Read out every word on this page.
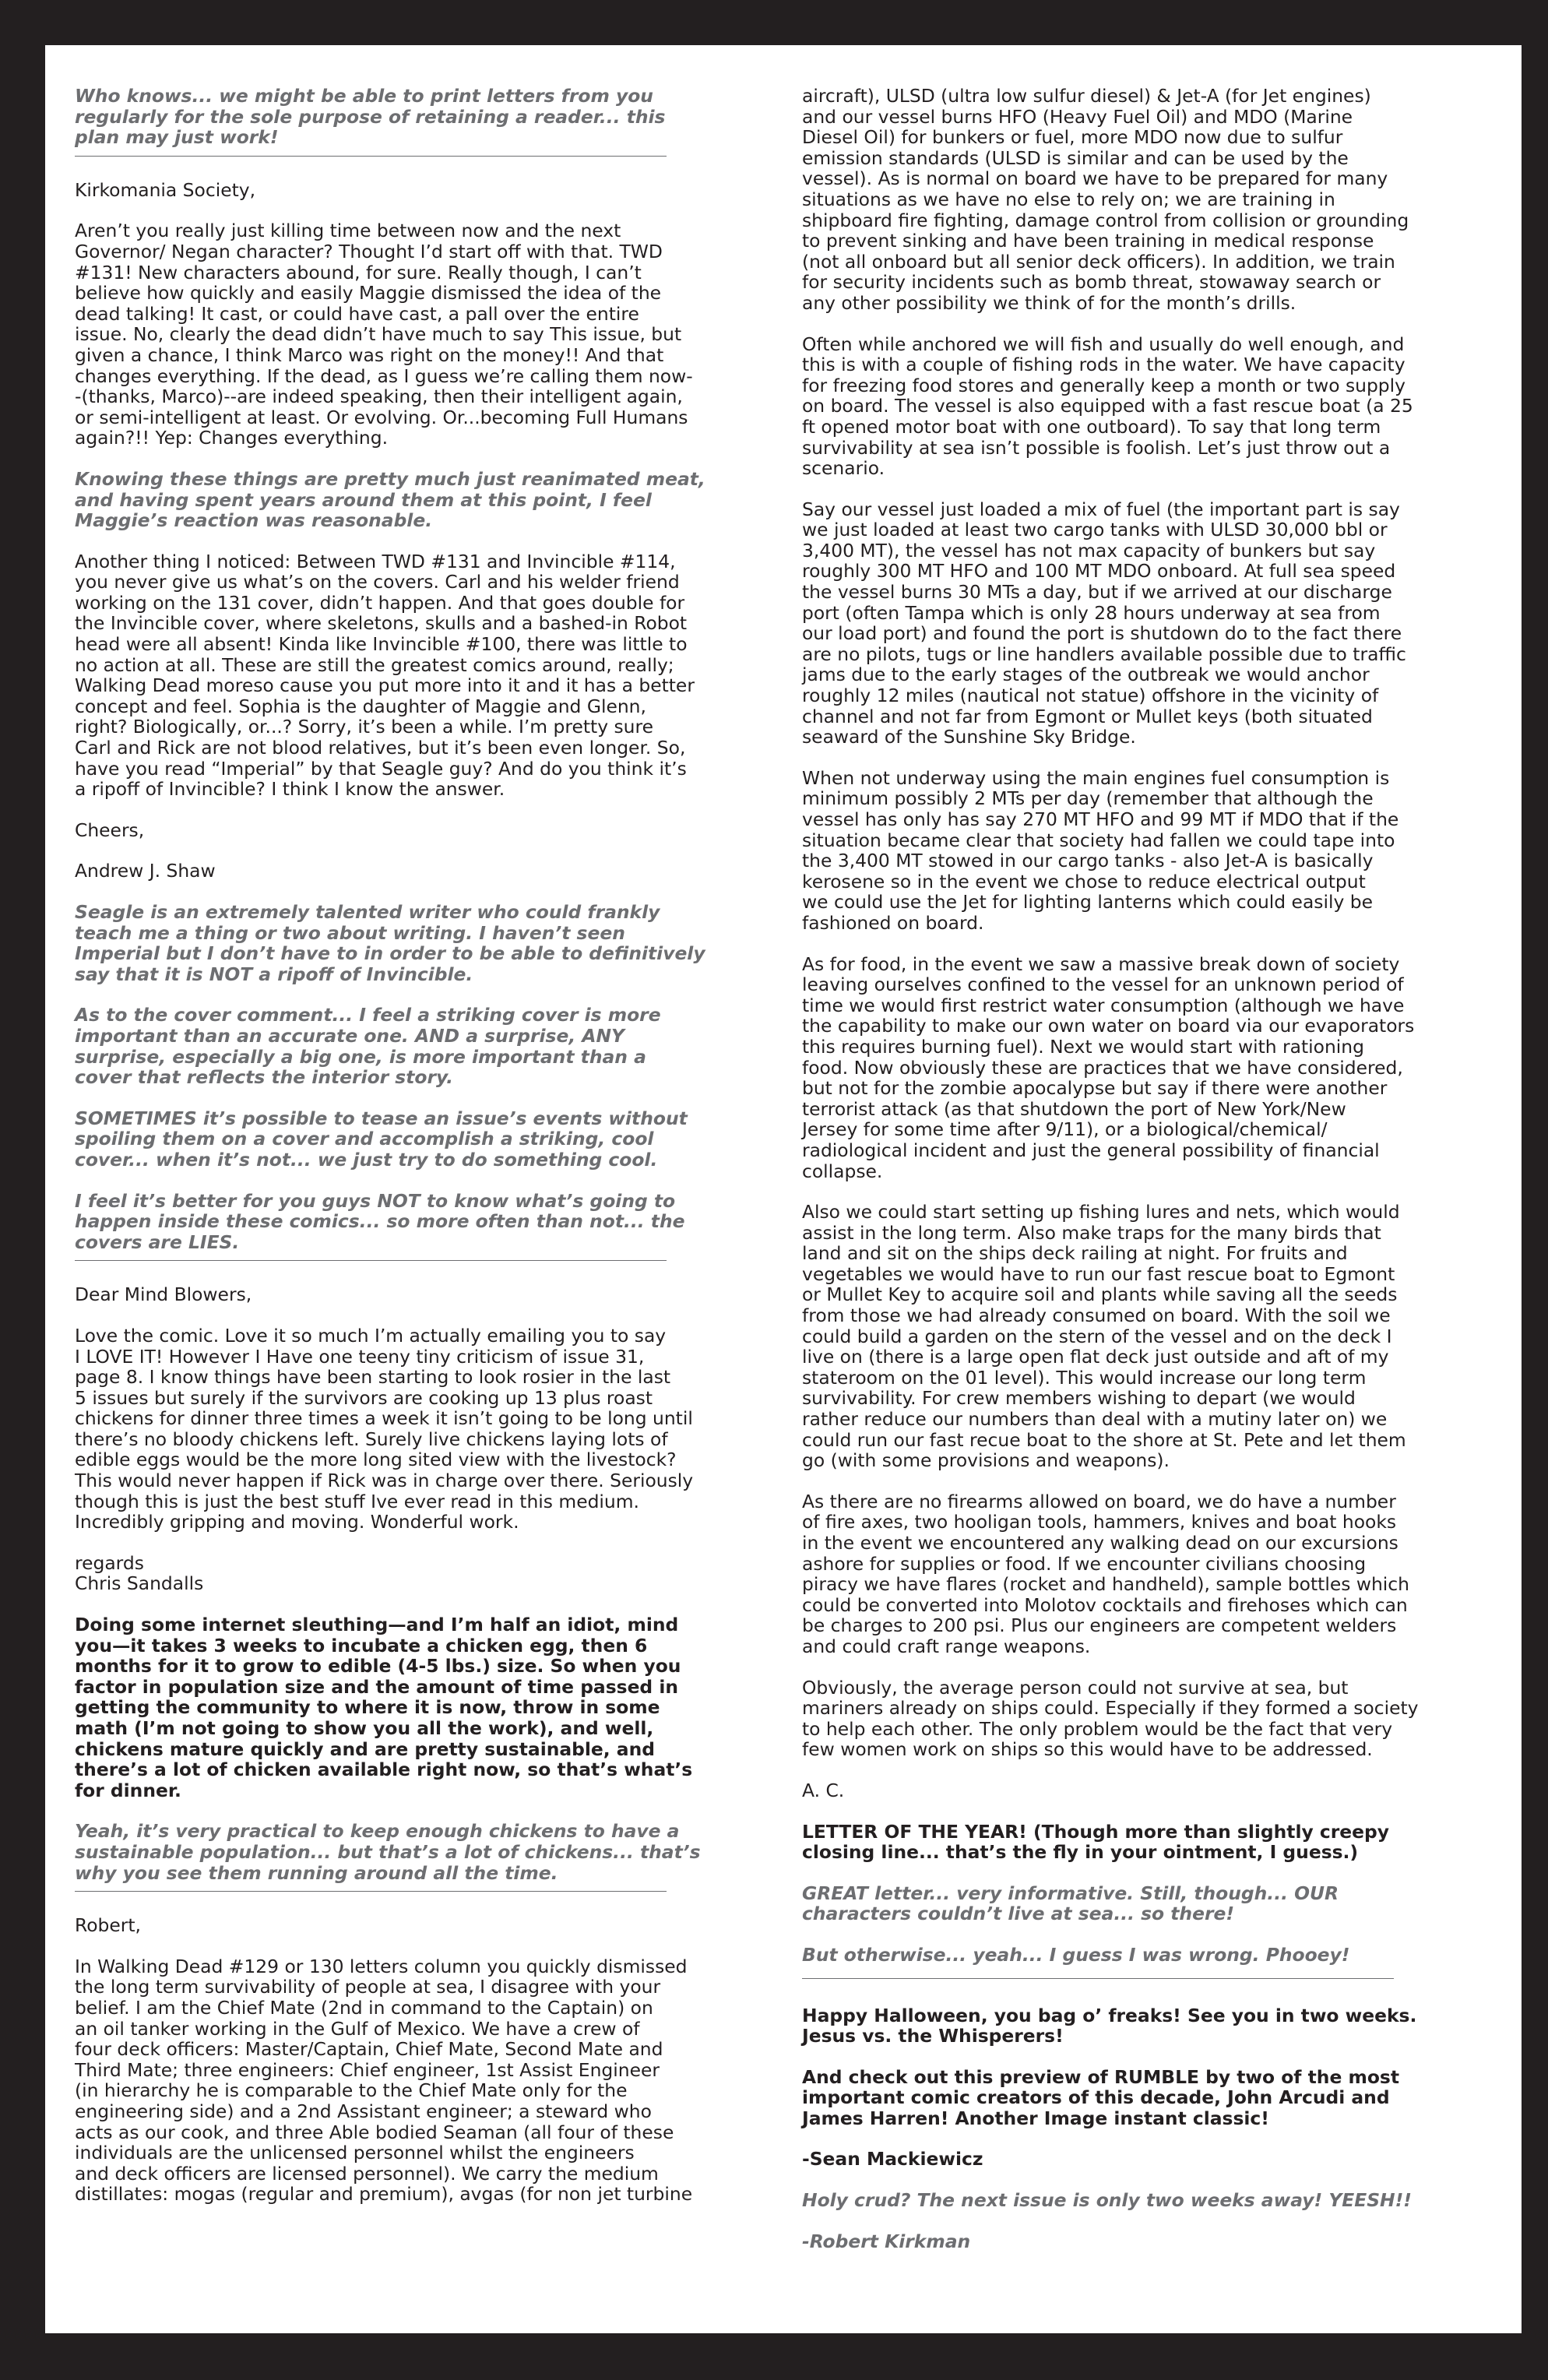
Who knows... we might be able to print letters from you
regularly for the sole purpose of retaining a reader... this
plan may just work!

Kirkomania Society,

Aren’t you really just killing time between now and the next
Governor/ Negan character? Thought I’d start off with that. TWD
#131! New characters abound, for sure. Really though, I can’t
believe how quickly and easily Maggie dismissed the idea of the
dead talking! It cast, or could have cast, a pall over the entire
issue. No, clearly the dead didn’t have much to say This issue, but
given a chance, I think Marco was right on the money!! And that
changes everything. If the dead, as I guess we’re calling them now-
-(thanks, Marco)--are indeed speaking, then their intelligent again,
or semi-intelligent at least. Or evolving. Or...becoming Full Humans
again?!! Yep: Changes everything.

Knowing these things are pretty much just reanimated meat,
and having spent years around them at this point, I feel
Maggie’s reaction was reasonable.

Another thing I noticed: Between TWD #131 and Invincible #114,
you never give us what’s on the covers. Carl and his welder friend
working on the 131 cover, didn’t happen. And that goes double for
the Invincible cover, where skeletons, skulls and a bashed-in Robot
head were all absent! Kinda like Invincible #100, there was little to
no action at all. These are still the greatest comics around, really;
Walking Dead moreso cause you put more into it and it has a better
concept and feel. Sophia is the daughter of Maggie and Glenn,
right? Biologically, or...? Sorry, it’s been a while. I’m pretty sure
Carl and Rick are not blood relatives, but it’s been even longer. So,
have you read “Imperial” by that Seagle guy? And do you think it’s
a ripoff of Invincible? I think I know the answer.

Cheers,

Andrew J. Shaw

Seagle is an extremely talented writer who could frankly
teach me a thing or two about writing. I haven’t seen
Imperial but I don’t have to in order to be able to definitively
say that it is NOT a ripoff of Invincible.

As to the cover comment... I feel a striking cover is more
important than an accurate one. AND a surprise, ANY
surprise, especially a big one, is more important than a
cover that reflects the interior story.

SOMETIMES it’s possible to tease an issue’s events without
spoiling them on a cover and accomplish a striking, cool
cover... when it’s not... we just try to do something cool.

I feel it’s better for you guys NOT to know what’s going to
happen inside these comics... so more often than not... the
covers are LIES.

Dear Mind Blowers,

Love the comic. Love it so much I’m actually emailing you to say
I LOVE IT! However I Have one teeny tiny criticism of issue 31,
page 8. I know things have been starting to look rosier in the last
5 issues but surely if the survivors are cooking up 13 plus roast
chickens for dinner three times a week it isn’t going to be long until
there’s no bloody chickens left. Surely live chickens laying lots of
edible eggs would be the more long sited view with the livestock?
This would never happen if Rick was in charge over there. Seriously
though this is just the best stuff Ive ever read in this medium.
Incredibly gripping and moving. Wonderful work.

regards
Chris Sandalls

Doing some internet sleuthing—and I’m half an idiot, mind
you—it takes 3 weeks to incubate a chicken egg, then 6
months for it to grow to edible (4-5 lbs.) size. So when you
factor in population size and the amount of time passed in
getting the community to where it is now, throw in some
math (I’m not going to show you all the work), and well,
chickens mature quickly and are pretty sustainable, and
there’s a lot of chicken available right now, so that’s what’s
for dinner.

Yeah, it’s very practical to keep enough chickens to have a
sustainable population... but that’s a lot of chickens... that’s
why you see them running around all the time.

Robert,

In Walking Dead #129 or 130 letters column you quickly dismissed
the long term survivability of people at sea, I disagree with your
belief. I am the Chief Mate (2nd in command to the Captain) on
an oil tanker working in the Gulf of Mexico. We have a crew of
four deck officers: Master/Captain, Chief Mate, Second Mate and
Third Mate; three engineers: Chief engineer, 1st Assist Engineer
(in hierarchy he is comparable to the Chief Mate only for the
engineering side) and a 2nd Assistant engineer; a steward who
acts as our cook, and three Able bodied Seaman (all four of these
individuals are the unlicensed personnel whilst the engineers
and deck officers are licensed personnel). We carry the medium
distillates: mogas (regular and premium), avgas (for non jet turbine

aircraft), ULSD (ultra low sulfur diesel) & Jet-A (for Jet engines)
and our vessel burns HFO (Heavy Fuel Oil) and MDO (Marine
Diesel Oil) for bunkers or fuel, more MDO now due to sulfur
emission standards (ULSD is similar and can be used by the
vessel). As is normal on board we have to be prepared for many
situations as we have no else to rely on; we are training in
shipboard fire fighting, damage control from collision or grounding
to prevent sinking and have been training in medical response
(not all onboard but all senior deck officers). In addition, we train
for security incidents such as bomb threat, stowaway search or
any other possibility we think of for the month’s drills.

Often while anchored we will fish and usually do well enough, and
this is with a couple of fishing rods in the water. We have capacity
for freezing food stores and generally keep a month or two supply
on board. The vessel is also equipped with a fast rescue boat (a 25
ft opened motor boat with one outboard). To say that long term
survivability at sea isn’t possible is foolish. Let’s just throw out a
scenario.

Say our vessel just loaded a mix of fuel (the important part is say
we just loaded at least two cargo tanks with ULSD 30,000 bbl or
3,400 MT), the vessel has not max capacity of bunkers but say
roughly 300 MT HFO and 100 MT MDO onboard. At full sea speed
the vessel burns 30 MTs a day, but if we arrived at our discharge
port (often Tampa which is only 28 hours underway at sea from
our load port) and found the port is shutdown do to the fact there
are no pilots, tugs or line handlers available possible due to traffic
jams due to the early stages of the outbreak we would anchor
roughly 12 miles (nautical not statue) offshore in the vicinity of
channel and not far from Egmont or Mullet keys (both situated
seaward of the Sunshine Sky Bridge.

When not underway using the main engines fuel consumption is
minimum possibly 2 MTs per day (remember that although the
vessel has only has say 270 MT HFO and 99 MT if MDO that if the
situation became clear that society had fallen we could tape into
the 3,400 MT stowed in our cargo tanks - also Jet-A is basically
kerosene so in the event we chose to reduce electrical output
we could use the Jet for lighting lanterns which could easily be
fashioned on board.

As for food, in the event we saw a massive break down of society
leaving ourselves confined to the vessel for an unknown period of
time we would first restrict water consumption (although we have
the capability to make our own water on board via our evaporators
this requires burning fuel). Next we would start with rationing
food. Now obviously these are practices that we have considered,
but not for the zombie apocalypse but say if there were another
terrorist attack (as that shutdown the port of New York/New
Jersey for some time after 9/11), or a biological/chemical/
radiological incident and just the general possibility of financial
collapse.

Also we could start setting up fishing lures and nets, which would
assist in the long term. Also make traps for the many birds that
land and sit on the ships deck railing at night. For fruits and
vegetables we would have to run our fast rescue boat to Egmont
or Mullet Key to acquire soil and plants while saving all the seeds
from those we had already consumed on board. With the soil we
could build a garden on the stern of the vessel and on the deck I
live on (there is a large open flat deck just outside and aft of my
stateroom on the 01 level). This would increase our long term
survivability. For crew members wishing to depart (we would
rather reduce our numbers than deal with a mutiny later on) we
could run our fast recue boat to the shore at St. Pete and let them
go (with some provisions and weapons).

As there are no firearms allowed on board, we do have a number
of fire axes, two hooligan tools, hammers, knives and boat hooks
in the event we encountered any walking dead on our excursions
ashore for supplies or food. If we encounter civilians choosing
piracy we have flares (rocket and handheld), sample bottles which
could be converted into Molotov cocktails and firehoses which can
be charges to 200 psi. Plus our engineers are competent welders
and could craft range weapons.

Obviously, the average person could not survive at sea, but
mariners already on ships could. Especially if they formed a society
to help each other. The only problem would be the fact that very
few women work on ships so this would have to be addressed.

A. C.

LETTER OF THE YEAR! (Though more than slightly creepy
closing line... that’s the fly in your ointment, I guess.)

GREAT letter... very informative. Still, though... OUR
characters couldn’t live at sea... so there!

But otherwise... yeah... I guess I was wrong. Phooey!

Happy Halloween, you bag o’ freaks! See you in two weeks.
Jesus vs. the Whisperers!

And check out this preview of RUMBLE by two of the most
important comic creators of this decade, John Arcudi and
James Harren! Another Image instant classic!

-Sean Mackiewicz

Holy crud? The next issue is only two weeks away! YEESH!!

-Robert Kirkman
